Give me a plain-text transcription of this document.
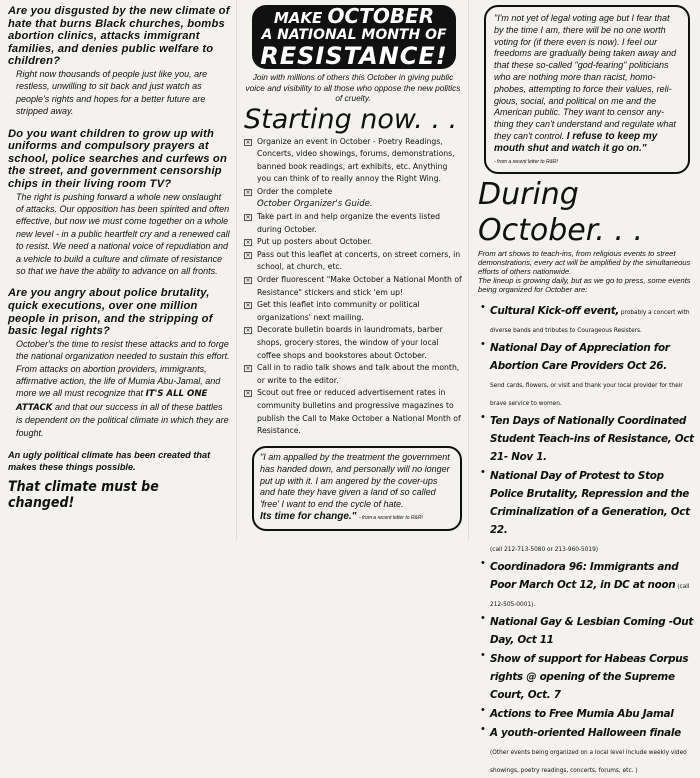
Are you disgusted by the new climate of hate that burns Black churches, bombs abortion clinics, attacks immigrant families, and denies public welfare to children?
Right now thousands of people just like you, are restless, unwilling to sit back and just watch as people's rights and hopes for a better future are stripped away.
Do you want children to grow up with uniforms and compulsory prayers at school, police searches and curfews on the street, and government censorship chips in their living room TV?
The right is pushing forward a whole new onslaught of attacks. Our opposition has been spirited and often effective, but now we must come together on a whole new level - in a public heartfelt cry and a renewed call to resist. We need a national voice of repudiation and a vehicle to build a culture and climate of resistance so that we have the ability to advance on all fronts.
Are you angry about police brutality, quick executions, over one million people in prison, and the stripping of basic legal rights?
October's the time to resist these attacks and to forge the national organization needed to sustain this effort. From attacks on abortion providers, immigrants, affirmative action, the life of Mumia Abu-Jamal, and more we all must recognize that IT'S ALL ONE ATTACK and that our success in all of these battles is dependent on the political climate in which they are fought.
An ugly political climate has been created that makes these things possible.
That climate must be changed!
MAKE OCTOBER
A NATIONAL MONTH OF
RESISTANCE!
Join with millions of others this October in giving public voice and visibility to all those who oppose the new politics of cruelty.
Starting now. . .
× Organize an event in October - Poetry Readings, Concerts, video showings, forums, demonstrations, banned book readings, art exhibits, etc. Anything you can think of to really annoy the Right Wing.
× Order the complete
October Organizer's Guide.
× Take part in and help organize the events listed during October.
× Put up posters about October.
× Pass out this leaflet at concerts, on street corners, in school, at church, etc.
× Order fluorescent "Make October a National Month of Resistance" stickers and stick 'em up!
× Get this leaflet into community or political organizations' next mailing.
× Decorate bulletin boards in laundromats, barber shops, grocery stores, the window of your local coffee shops and bookstores about October.
× Call in to radio talk shows and talk about the month, or write to the editor.
× Scout out free or reduced advertisement rates in community bulletins and progressive magazines to publish the Call to Make October a National Month of Resistance.
"I am appalled by the treatment the government has handed down, and personally will no longer put up with it. I am angered by the cover-ups and hate they have given a land of so called 'free' I want to end the cycle of hate.
Its time for change." - from a recent letter to R&R!
"I'm not yet of legal voting age but I fear that by the time I am, there will be no one worth voting for (if there even is now). I feel our freedoms are gradually being taken away and that these so-called "god-fearing" politicians who are nothing more than racist, homo-phobes, attempting to force their values, reli-gious, social, and political on me and the American public. They want to censor any-thing they can't understand and regulate what they can't control. I refuse to keep my mouth shut and watch it go on."
- from a recent letter to R&R!
During October. . .
From art shows to teach-ins, from religious events to street demonstrations, every act will be amplified by the simultaneous efforts of others nationwide.
The lineup is growing daily, but as we go to press, some events being organized for October are:
• Cultural Kick-off event, probably a concert with diverse bands and tributes to Courageous Resisters.
• National Day of Appreciation for Abortion Care Providers Oct 26.
Send cards, flowers, or visit and thank your local provider for their brave service to women.
• Ten Days of Nationally Coordinated Student Teach-ins of Resistance, Oct 21- Nov 1.
• National Day of Protest to Stop Police Brutality, Repression and the Criminalization of a Generation, Oct 22.
(call 212-713-5080 or 213-960-5019)
• Coordinadora 96: Immigrants and Poor March Oct 12, in DC at noon (call 212-505-0001).
• National Gay & Lesbian Coming -Out Day, Oct 11
• Show of support for Habeas Corpus rights @ opening of the Supreme Court, Oct. 7
• Actions to Free Mumia Abu Jamal
• A youth-oriented Halloween finale
(Other events being organized on a local level include weekly video showings, poetry readings, concerts, forums, etc. )
